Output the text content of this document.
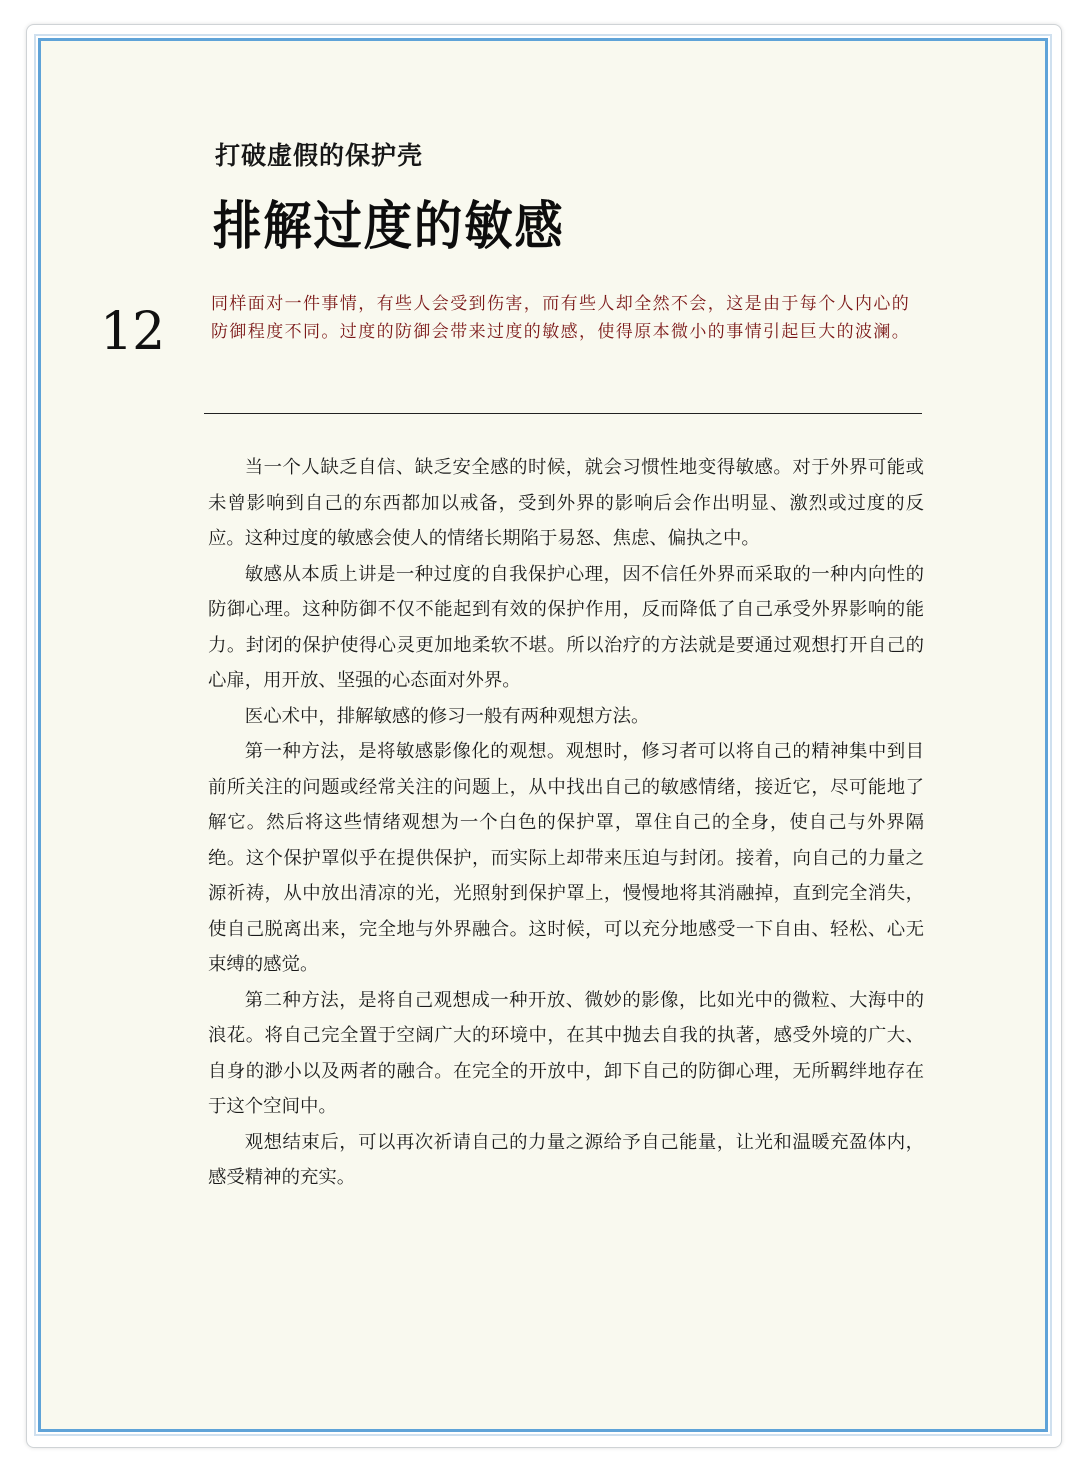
打破虚假的保护壳
排解过度的敏感
12	同样面对一件事情，有些人会受到伤害，而有些人却全然不会，这是由于每个人内心的防御程度不同。过度的防御会带来过度的敏感，使得原本微小的事情引起巨大的波澜。

当一个人缺乏自信、缺乏安全感的时候，就会习惯性地变得敏感。对于外界可能或未曾影响到自己的东西都加以戒备，受到外界的影响后会作出明显、激烈或过度的反应。这种过度的敏感会使人的情绪长期陷于易怒、焦虑、偏执之中。

敏感从本质上讲是一种过度的自我保护心理，因不信任外界而采取的一种内向性的防御心理。这种防御不仅不能起到有效的保护作用，反而降低了自己承受外界影响的能力。封闭的保护使得心灵更加地柔软不堪。所以治疗的方法就是要通过观想打开自己的心扉，用开放、坚强的心态面对外界。

医心术中，排解敏感的修习一般有两种观想方法。

第一种方法，是将敏感影像化的观想。观想时，修习者可以将自己的精神集中到目前所关注的问题或经常关注的问题上，从中找出自己的敏感情绪，接近它，尽可能地了解它。然后将这些情绪观想为一个白色的保护罩，罩住自己的全身，使自己与外界隔绝。这个保护罩似乎在提供保护，而实际上却带来压迫与封闭。接着，向自己的力量之源祈祷，从中放出清凉的光，光照射到保护罩上，慢慢地将其消融掉，直到完全消失，使自己脱离出来，完全地与外界融合。这时候，可以充分地感受一下自由、轻松、心无束缚的感觉。

第二种方法，是将自己观想成一种开放、微妙的影像，比如光中的微粒、大海中的浪花。将自己完全置于空阔广大的环境中，在其中抛去自我的执著，感受外境的广大、自身的渺小以及两者的融合。在完全的开放中，卸下自己的防御心理，无所羁绊地存在于这个空间中。

观想结束后，可以再次祈请自己的力量之源给予自己能量，让光和温暖充盈体内，感受精神的充实。
